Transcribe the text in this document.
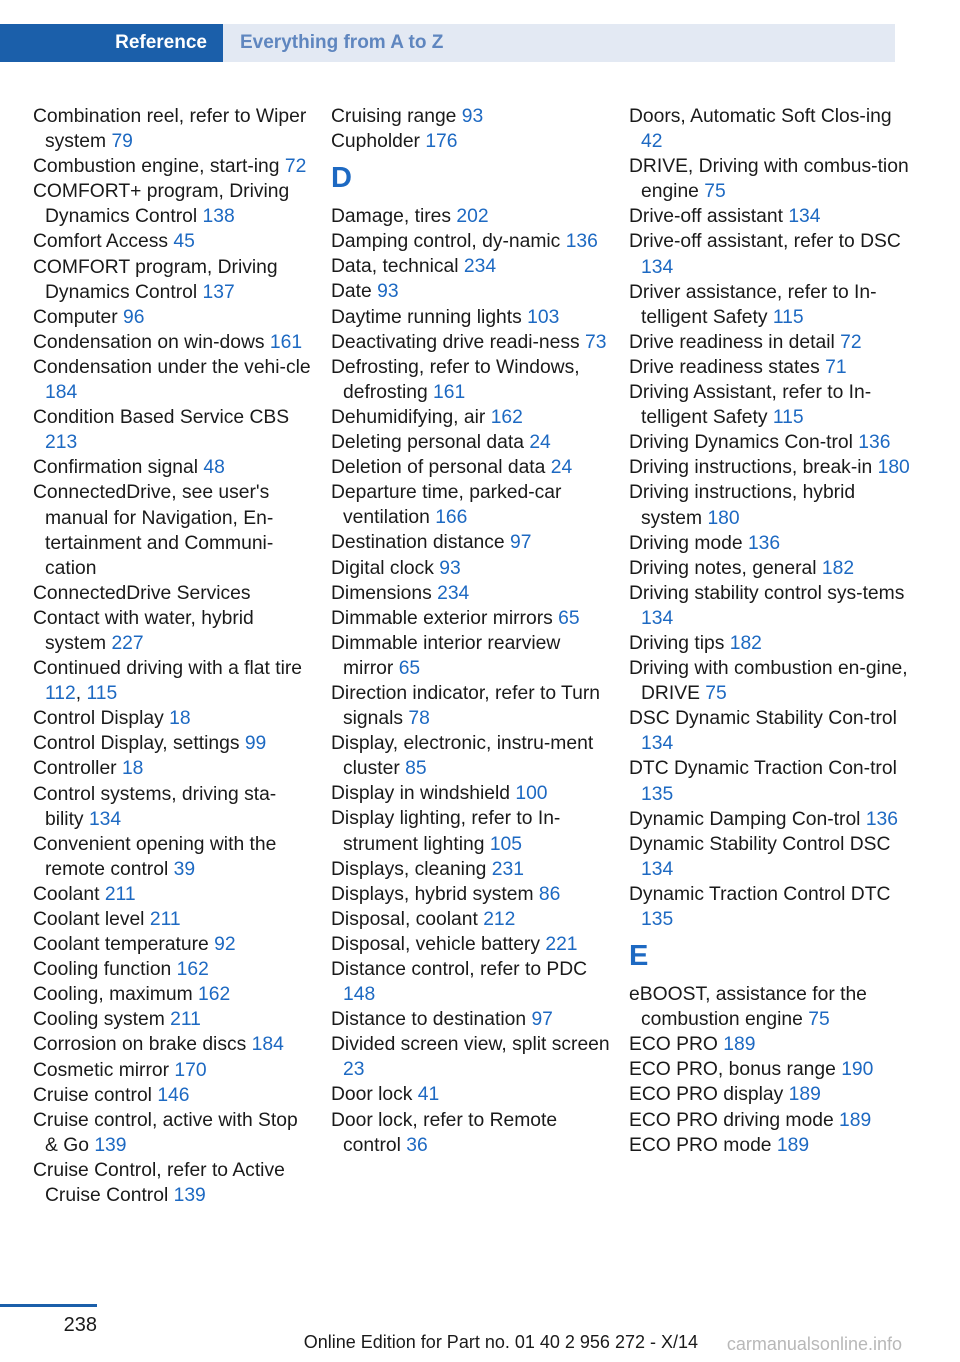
Reference	Everything from A to Z
Combination reel, refer to Wiper system 79
Combustion engine, start‐ing 72
COMFORT+ program, Driving Dynamics Control 138
Comfort Access 45
COMFORT program, Driving Dynamics Control 137
Computer 96
Condensation on win‐dows 161
Condensation under the vehi‐cle 184
Condition Based Service CBS 213
Confirmation signal 48
ConnectedDrive, see user's manual for Navigation, En‐tertainment and Communi‐cation
ConnectedDrive Services
Contact with water, hybrid system 227
Continued driving with a flat tire 112, 115
Control Display 18
Control Display, settings 99
Controller 18
Control systems, driving sta‐bility 134
Convenient opening with the remote control 39
Coolant 211
Coolant level 211
Coolant temperature 92
Cooling function 162
Cooling, maximum 162
Cooling system 211
Corrosion on brake discs 184
Cosmetic mirror 170
Cruise control 146
Cruise control, active with Stop & Go 139
Cruise Control, refer to Active Cruise Control 139
Cruising range 93
Cupholder 176
D
Damage, tires 202
Damping control, dy‐namic 136
Data, technical 234
Date 93
Daytime running lights 103
Deactivating drive readi‐ness 73
Defrosting, refer to Windows, defrosting 161
Dehumidifying, air 162
Deleting personal data 24
Deletion of personal data 24
Departure time, parked-car ventilation 166
Destination distance 97
Digital clock 93
Dimensions 234
Dimmable exterior mirrors 65
Dimmable interior rearview mirror 65
Direction indicator, refer to Turn signals 78
Display, electronic, instru‐ment cluster 85
Display in windshield 100
Display lighting, refer to In‐strument lighting 105
Displays, cleaning 231
Displays, hybrid system 86
Disposal, coolant 212
Disposal, vehicle battery 221
Distance control, refer to PDC 148
Distance to destination 97
Divided screen view, split screen 23
Door lock 41
Door lock, refer to Remote control 36
Doors, Automatic Soft Clos‐ing 42
DRIVE, Driving with combus‐tion engine 75
Drive-off assistant 134
Drive-off assistant, refer to DSC 134
Driver assistance, refer to In‐telligent Safety 115
Drive readiness in detail 72
Drive readiness states 71
Driving Assistant, refer to In‐telligent Safety 115
Driving Dynamics Con‐trol 136
Driving instructions, break-in 180
Driving instructions, hybrid system 180
Driving mode 136
Driving notes, general 182
Driving stability control sys‐tems 134
Driving tips 182
Driving with combustion en‐gine, DRIVE 75
DSC Dynamic Stability Con‐trol 134
DTC Dynamic Traction Con‐trol 135
Dynamic Damping Con‐trol 136
Dynamic Stability Control DSC 134
Dynamic Traction Control DTC 135
E
eBOOST, assistance for the combustion engine 75
ECO PRO 189
ECO PRO, bonus range 190
ECO PRO display 189
ECO PRO driving mode 189
ECO PRO mode 189
238
Online Edition for Part no. 01 40 2 956 272 - X/14 carmanualsonline.info
